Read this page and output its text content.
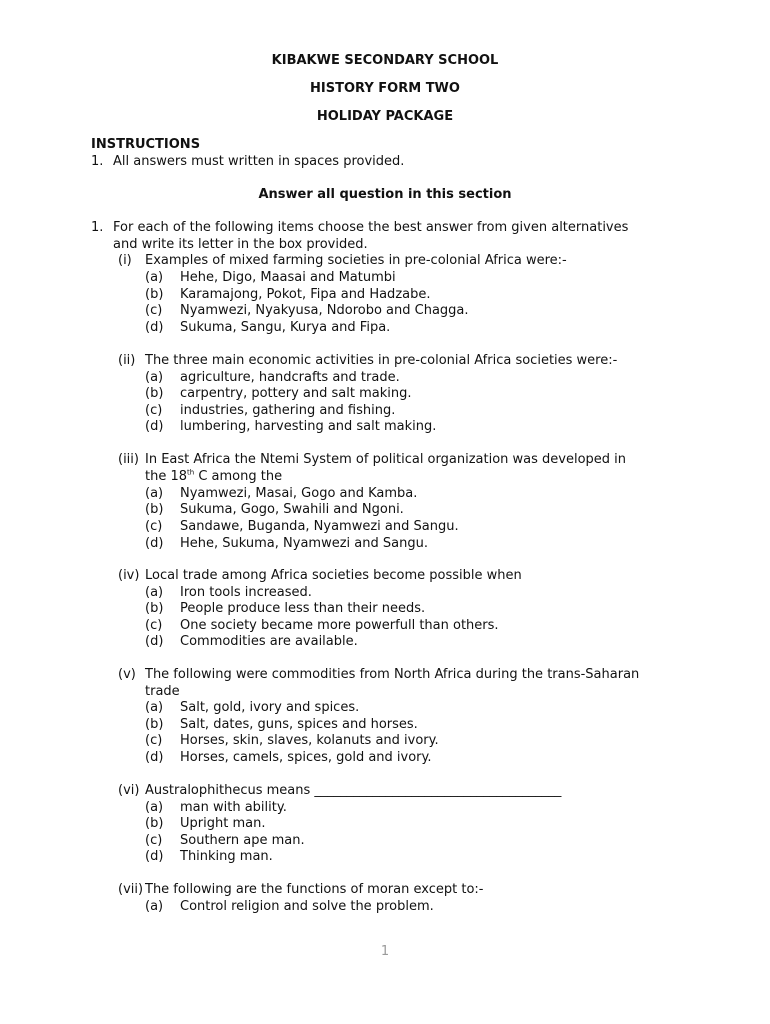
KIBAKWE SECONDARY SCHOOL
HISTORY FORM TWO
HOLIDAY PACKAGE
INSTRUCTIONS
1. All answers must written in spaces provided.
Answer all question in this section
1. For each of the following items choose the best answer from given alternatives
and write its letter in the box provided.
(i) Examples of mixed farming societies in pre-colonial Africa were:-
(a) Hehe, Digo, Maasai and Matumbi
(b) Karamajong, Pokot, Fipa and Hadzabe.
(c) Nyamwezi, Nyakyusa, Ndorobo and Chagga.
(d) Sukuma, Sangu, Kurya and Fipa.
(ii) The three main economic activities in pre-colonial Africa societies were:-
(a) agriculture, handcrafts and trade.
(b) carpentry, pottery and salt making.
(c) industries, gathering and fishing.
(d) lumbering, harvesting and salt making.
(iii) In East Africa the Ntemi System of political organization was developed in
the 18th C among the
(a) Nyamwezi, Masai, Gogo and Kamba.
(b) Sukuma, Gogo, Swahili and Ngoni.
(c) Sandawe, Buganda, Nyamwezi and Sangu.
(d) Hehe, Sukuma, Nyamwezi and Sangu.
(iv) Local trade among Africa societies become possible when
(a) Iron tools increased.
(b) People produce less than their needs.
(c) One society became more powerfull than others.
(d) Commodities are available.
(v) The following were commodities from North Africa during the trans-Saharan
trade
(a) Salt, gold, ivory and spices.
(b) Salt, dates, guns, spices and horses.
(c) Horses, skin, slaves, kolanuts and ivory.
(d) Horses, camels, spices, gold and ivory.
(vi) Australophithecus means ______________________________________
(a) man with ability.
(b) Upright man.
(c) Southern ape man.
(d) Thinking man.
(vii) The following are the functions of moran except to:-
(a) Control religion and solve the problem.
1
